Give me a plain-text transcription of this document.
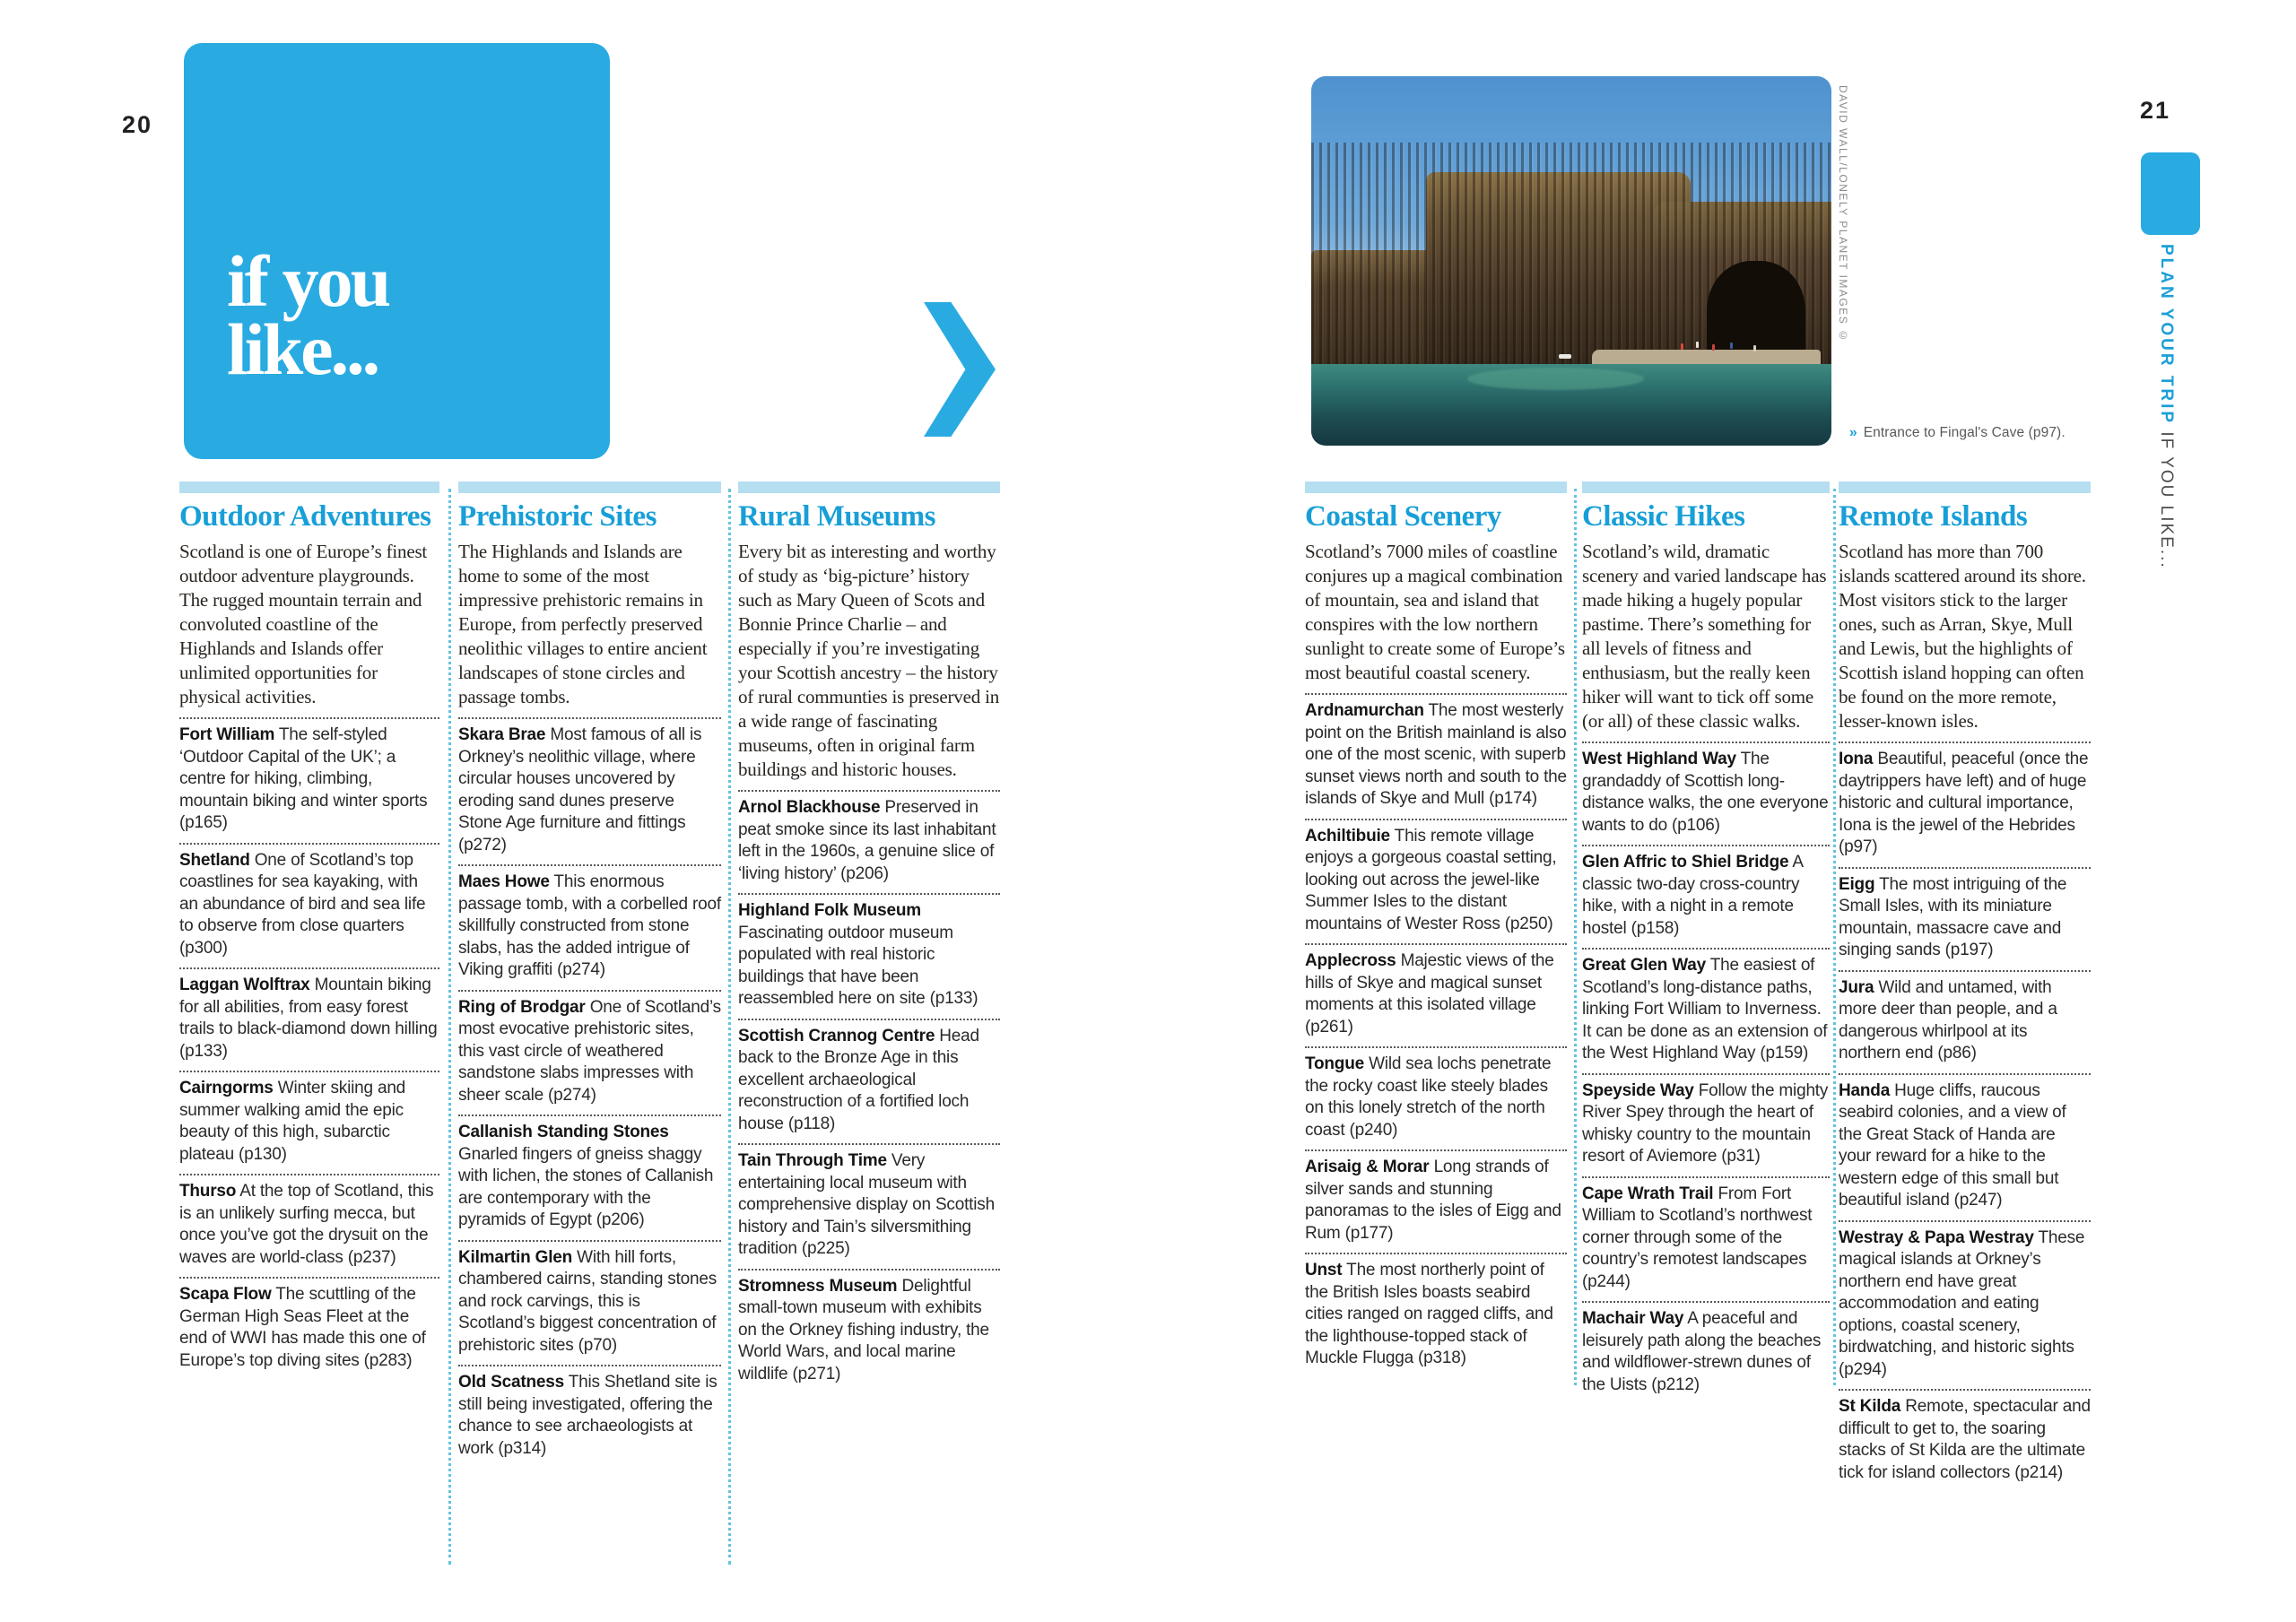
20
21
if you
like...
DAVID WALL/LONELY PLANET IMAGES ©
» Entrance to Fingal's Cave (p97).
PLAN YOUR TRIP IF YOU LIKE...
Outdoor Adventures
Scotland is one of Europe’s finest outdoor adventure playgrounds. The rugged mountain terrain and convoluted coastline of the Highlands and Islands offer unlimited opportunities for physical activities.
Fort William The self-styled ‘Outdoor Capital of the UK’; a centre for hiking, climbing, mountain biking and winter sports (p165)
Shetland One of Scotland’s top coastlines for sea kayaking, with an abundance of bird and sea life to observe from close quarters (p300)
Laggan Wolftrax Mountain biking for all abilities, from easy forest trails to black-diamond down hilling (p133)
Cairngorms Winter skiing and summer walking amid the epic beauty of this high, subarctic plateau (p130)
Thurso At the top of Scotland, this is an unlikely surfing mecca, but once you’ve got the drysuit on the waves are world-class (p237)
Scapa Flow The scuttling of the German High Seas Fleet at the end of WWI has made this one of Europe’s top diving sites (p283)
Prehistoric Sites
The Highlands and Islands are home to some of the most impressive prehistoric remains in Europe, from perfectly preserved neolithic villages to entire ancient landscapes of stone circles and passage tombs.
Skara Brae Most famous of all is Orkney’s neolithic village, where circular houses uncovered by eroding sand dunes preserve Stone Age furniture and fittings (p272)
Maes Howe This enormous passage tomb, with a corbelled roof skillfully constructed from stone slabs, has the added intrigue of Viking graffiti (p274)
Ring of Brodgar One of Scotland’s most evocative prehistoric sites, this vast circle of weathered sandstone slabs impresses with sheer scale (p274)
Callanish Standing Stones Gnarled fingers of gneiss shaggy with lichen, the stones of Callanish are contemporary with the pyramids of Egypt (p206)
Kilmartin Glen With hill forts, chambered cairns, standing stones and rock carvings, this is Scotland’s biggest concentration of prehistoric sites (p70)
Old Scatness This Shetland site is still being investigated, offering the chance to see archaeologists at work (p314)
Rural Museums
Every bit as interesting and worthy of study as ‘big-picture’ history such as Mary Queen of Scots and Bonnie Prince Charlie – and especially if you’re investigating your Scottish ancestry – the history of rural communties is preserved in a wide range of fascinating museums, often in original farm buildings and historic houses.
Arnol Blackhouse Preserved in peat smoke since its last inhabitant left in the 1960s, a genuine slice of ‘living history’ (p206)
Highland Folk Museum Fascinating outdoor museum populated with real historic buildings that have been reassembled here on site (p133)
Scottish Crannog Centre Head back to the Bronze Age in this excellent archaeological reconstruction of a fortified loch house (p118)
Tain Through Time Very entertaining local museum with comprehensive display on Scottish history and Tain’s silversmithing tradition (p225)
Stromness Museum Delightful small-town museum with exhibits on the Orkney fishing industry, the World Wars, and local marine wildlife (p271)
Coastal Scenery
Scotland’s 7000 miles of coastline conjures up a magical combination of mountain, sea and island that conspires with the low northern sunlight to create some of Europe’s most beautiful coastal scenery.
Ardnamurchan The most westerly point on the British mainland is also one of the most scenic, with superb sunset views north and south to the islands of Skye and Mull (p174)
Achiltibuie This remote village enjoys a gorgeous coastal setting, looking out across the jewel-like Summer Isles to the distant mountains of Wester Ross (p250)
Applecross Majestic views of the hills of Skye and magical sunset moments at this isolated village (p261)
Tongue Wild sea lochs penetrate the rocky coast like steely blades on this lonely stretch of the north coast (p240)
Arisaig & Morar Long strands of silver sands and stunning panoramas to the isles of Eigg and Rum (p177)
Unst The most northerly point of the British Isles boasts seabird cities ranged on ragged cliffs, and the lighthouse-topped stack of Muckle Flugga (p318)
Classic Hikes
Scotland’s wild, dramatic scenery and varied landscape has made hiking a hugely popular pastime. There’s something for all levels of fitness and enthusiasm, but the really keen hiker will want to tick off some (or all) of these classic walks.
West Highland Way The grandaddy of Scottish long-distance walks, the one everyone wants to do (p106)
Glen Affric to Shiel Bridge A classic two-day cross-country hike, with a night in a remote hostel (p158)
Great Glen Way The easiest of Scotland’s long-distance paths, linking Fort William to Inverness. It can be done as an extension of the West Highland Way (p159)
Speyside Way Follow the mighty River Spey through the heart of whisky country to the mountain resort of Aviemore (p31)
Cape Wrath Trail From Fort William to Scotland’s northwest corner through some of the country’s remotest landscapes (p244)
Machair Way A peaceful and leisurely path along the beaches and wildflower-strewn dunes of the Uists (p212)
Remote Islands
Scotland has more than 700 islands scattered around its shore. Most visitors stick to the larger ones, such as Arran, Skye, Mull and Lewis, but the highlights of Scottish island hopping can often be found on the more remote, lesser-known isles.
Iona Beautiful, peaceful (once the daytrippers have left) and of huge historic and cultural importance, Iona is the jewel of the Hebrides (p97)
Eigg The most intriguing of the Small Isles, with its miniature mountain, massacre cave and singing sands (p197)
Jura Wild and untamed, with more deer than people, and a dangerous whirlpool at its northern end (p86)
Handa Huge cliffs, raucous seabird colonies, and a view of the Great Stack of Handa are your reward for a hike to the western edge of this small but beautiful island (p247)
Westray & Papa Westray These magical islands at Orkney’s northern end have great accommodation and eating options, coastal scenery, birdwatching, and historic sights (p294)
St Kilda Remote, spectacular and difficult to get to, the soaring stacks of St Kilda are the ultimate tick for island collectors (p214)
